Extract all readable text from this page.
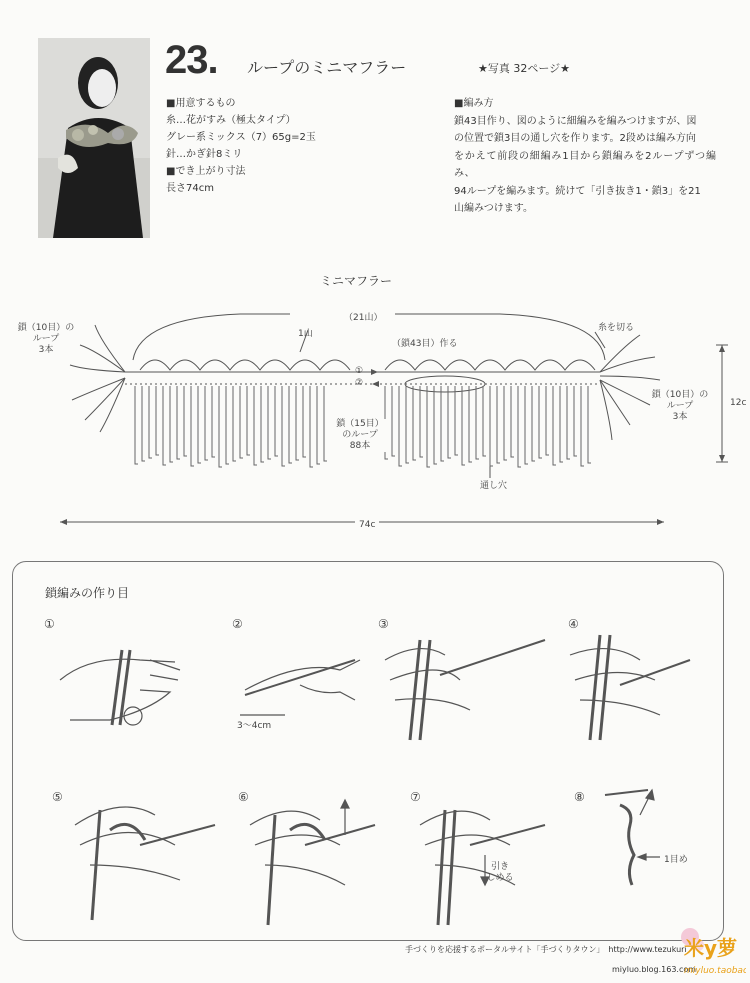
23. ループのミニマフラー	★写真 32ページ★
■用意するもの
糸…花がすみ（極太タイプ）
グレー系ミックス（7）65g=2玉
針…かぎ針8ミリ
■でき上がり寸法
長さ74cm
■編み方
鎖43目作り、図のように細編みを編みつけますが、図
の位置で鎖3目の通し穴を作ります。2段めは編み方向
をかえて前段の細編み1目から鎖編みを2ループずつ編み、
94ループを編みます。続けて「引き抜き1・鎖3」を21
山編みつけます。
ミニマフラー
（21山）
1山
（鎖43目）作る
糸を切る
①
②
鎖（10目）の
ループ
3本
鎖（10目）の
ループ
3本
鎖（15目）
のループ
88本
通し穴
12c
74c
鎖編みの作り目
①	②	③	④
⑤	⑥	⑦	⑧
3～4cm
引き
しめる
1目め
手づくりを応援するポータルサイト「手づくりタウン」　http://www.tezukuri
miyluo.blog.163.com
米y萝
miyluo.taobao
